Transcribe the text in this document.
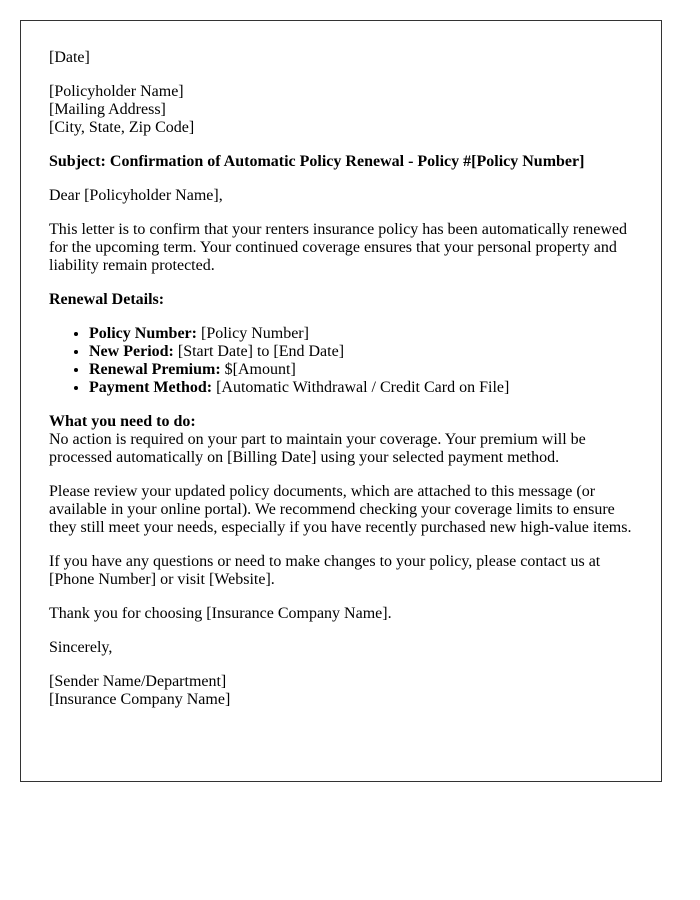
[Date]

[Policyholder Name]
[Mailing Address]
[City, State, Zip Code]

Subject: Confirmation of Automatic Policy Renewal - Policy #[Policy Number]

Dear [Policyholder Name],

This letter is to confirm that your renters insurance policy has been automatically renewed for the upcoming term. Your continued coverage ensures that your personal property and liability remain protected.

Renewal Details:

• Policy Number: [Policy Number]
• New Period: [Start Date] to [End Date]
• Renewal Premium: $[Amount]
• Payment Method: [Automatic Withdrawal / Credit Card on File]

What you need to do:

No action is required on your part to maintain your coverage. Your premium will be processed automatically on [Billing Date] using your selected payment method.

Please review your updated policy documents, which are attached to this message (or available in your online portal). We recommend checking your coverage limits to ensure they still meet your needs, especially if you have recently purchased new high-value items.

If you have any questions or need to make changes to your policy, please contact us at [Phone Number] or visit [Website].

Thank you for choosing [Insurance Company Name].

Sincerely,

[Sender Name/Department]
[Insurance Company Name]
